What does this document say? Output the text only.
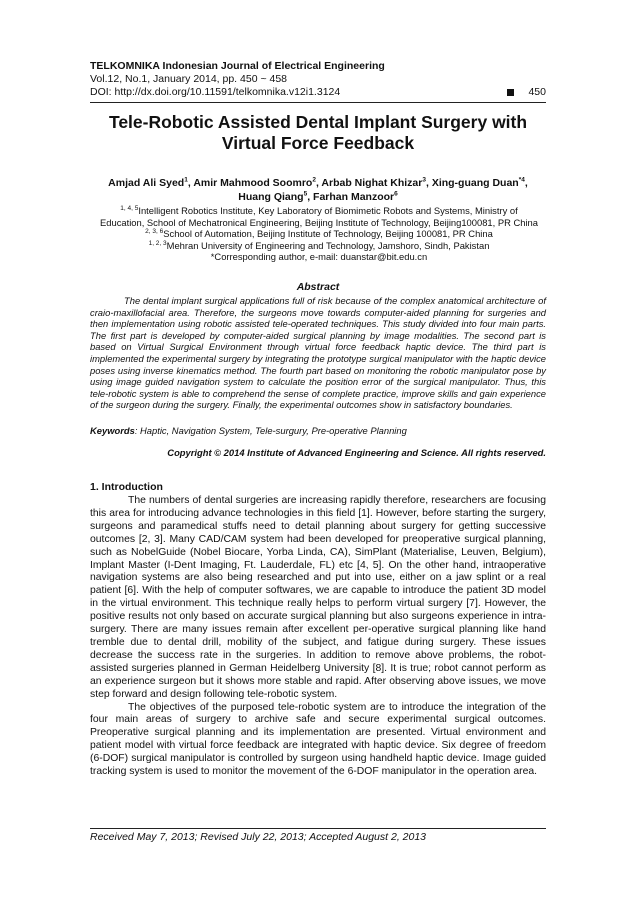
TELKOMNIKA Indonesian Journal of Electrical Engineering
Vol.12, No.1, January 2014, pp. 450 ~ 458
DOI: http://dx.doi.org/10.11591/telkomnika.v12i1.3124	450
Tele-Robotic Assisted Dental Implant Surgery with
Virtual Force Feedback
Amjad Ali Syed$^1$, Amir Mahmood Soomro$^2$, Arbab Nighat Khizar$^3$, Xing-guang Duan$^{*4}$,
Huang Qiang$^5$, Farhan Manzoor$^6$
$^{1, 4, 5}$Intelligent Robotics Institute, Key Laboratory of Biomimetic Robots and Systems, Ministry of
Education, School of Mechatronical Engineering, Beijing Institute of Technology, Beijing100081, PR China
$^{2, 3, 6}$School of Automation, Beijing Institute of Technology, Beijing 100081, PR China
$^{1, 2, 3}$Mehran University of Engineering and Technology, Jamshoro, Sindh, Pakistan
*Corresponding author, e-mail: duanstar@bit.edu.cn
Abstract
The dental implant surgical applications full of risk because of the complex anatomical architecture of craio-maxillofacial area. Therefore, the surgeons move towards computer-aided planning for surgeries and then implementation using robotic assisted tele-operated techniques. This study divided into four main parts. The first part is developed by computer-aided surgical planning by image modalities. The second part is based on Virtual Surgical Environment through virtual force feedback haptic device. The third part is implemented the experimental surgery by integrating the prototype surgical manipulator with the haptic device poses using inverse kinematics method. The fourth part based on monitoring the robotic manipulator pose by using image guided navigation system to calculate the position error of the surgical manipulator. Thus, this tele-robotic system is able to comprehend the sense of complete practice, improve skills and gain experience of the surgeon during the surgery. Finally, the experimental outcomes show in satisfactory boundaries.
Keywords: Haptic, Navigation System, Tele-surgury, Pre-operative Planning
Copyright © 2014 Institute of Advanced Engineering and Science. All rights reserved.
1. Introduction

The numbers of dental surgeries are increasing rapidly therefore, researchers are focusing this area for introducing advance technologies in this field [1]. However, before starting the surgery, surgeons and paramedical stuffs need to detail planning about surgery for getting successive outcomes [2, 3]. Many CAD/CAM system had been developed for preoperative surgical planning, such as NobelGuide (Nobel Biocare, Yorba Linda, CA), SimPlant (Materialise, Leuven, Belgium), Implant Master (I-Dent Imaging, Ft. Lauderdale, FL) etc [4, 5]. On the other hand, intraoperative navigation systems are also being researched and put into use, either on a jaw splint or a real patient [6]. With the help of computer softwares, we are capable to introduce the patient 3D model in the virtual environment. This technique really helps to perform virtual surgery [7]. However, the positive results not only based on accurate surgical planning but also surgeons experience in intra-surgery. There are many issues remain after excellent per-operative surgical planning like hand tremble due to dental drill, mobility of the subject, and fatigue during surgery. These issues decrease the success rate in the surgeries. In addition to remove above problems, the robot-assisted surgeries planned in German Heidelberg University [8]. It is true; robot cannot perform as an experience surgeon but it shows more stable and rapid. After observing above issues, we move step forward and design following tele-robotic system.

The objectives of the purposed tele-robotic system are to introduce the integration of the four main areas of surgery to archive safe and secure experimental surgical outcomes. Preoperative surgical planning and its implementation are presented. Virtual environment and patient model with virtual force feedback are integrated with haptic device. Six degree of freedom (6-DOF) surgical manipulator is controlled by surgeon using handheld haptic device. Image guided tracking system is used to monitor the movement of the 6-DOF manipulator in the operation area.

Received May 7, 2013; Revised July 22, 2013; Accepted August 2, 2013
